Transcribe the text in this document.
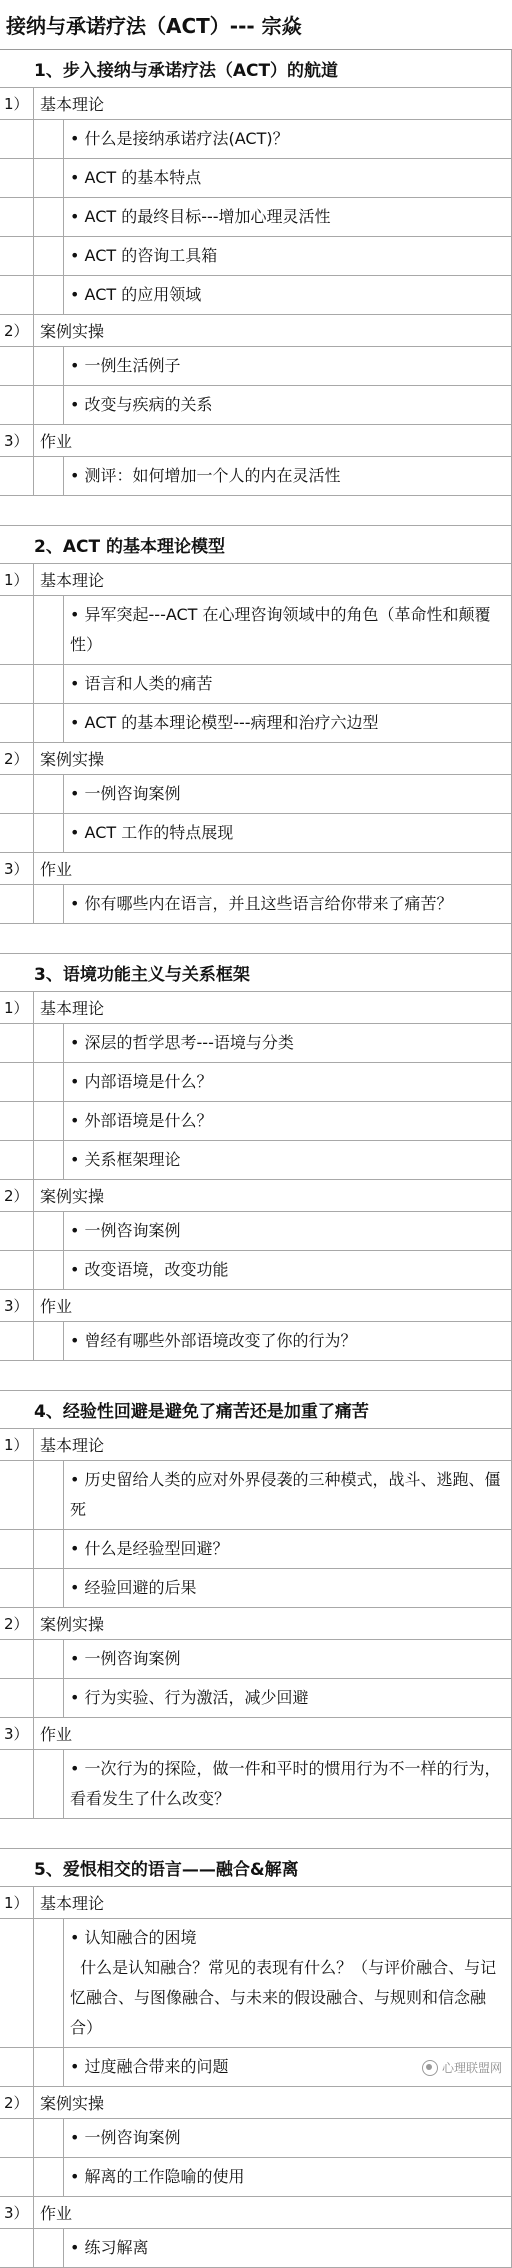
接纳与承诺疗法（ACT）--- 宗焱
1、步入接纳与承诺疗法（ACT）的航道
1） 基本理论
• 什么是接纳承诺疗法(ACT)？
• ACT 的基本特点
• ACT 的最终目标---增加心理灵活性
• ACT 的咨询工具箱
• ACT 的应用领域
2） 案例实操
• 一例生活例子
• 改变与疾病的关系
3） 作业
• 测评：如何增加一个人的内在灵活性
2、ACT 的基本理论模型
1） 基本理论
• 异军突起---ACT 在心理咨询领域中的角色（革命性和颠覆性）
• 语言和人类的痛苦
• ACT 的基本理论模型---病理和治疗六边型
2） 案例实操
• 一例咨询案例
• ACT 工作的特点展现
3） 作业
• 你有哪些内在语言，并且这些语言给你带来了痛苦？
3、语境功能主义与关系框架
1） 基本理论
• 深层的哲学思考---语境与分类
• 内部语境是什么？
• 外部语境是什么？
• 关系框架理论
2） 案例实操
• 一例咨询案例
• 改变语境，改变功能
3） 作业
• 曾经有哪些外部语境改变了你的行为？
4、经验性回避是避免了痛苦还是加重了痛苦
1） 基本理论
• 历史留给人类的应对外界侵袭的三种模式，战斗、逃跑、僵死
• 什么是经验型回避？
• 经验回避的后果
2） 案例实操
• 一例咨询案例
• 行为实验、行为激活，减少回避
3） 作业
• 一次行为的探险，做一件和平时的惯用行为不一样的行为，看看发生了什么改变？
5、爱恨相交的语言——融合&解离
1） 基本理论
• 认知融合的困境
什么是认知融合？常见的表现有什么？（与评价融合、与记忆融合、与图像融合、与未来的假设融合、与规则和信念融合）
• 过度融合带来的问题
2） 案例实操
• 一例咨询案例
• 解离的工作隐喻的使用
3） 作业
• 练习解离
心理联盟网
